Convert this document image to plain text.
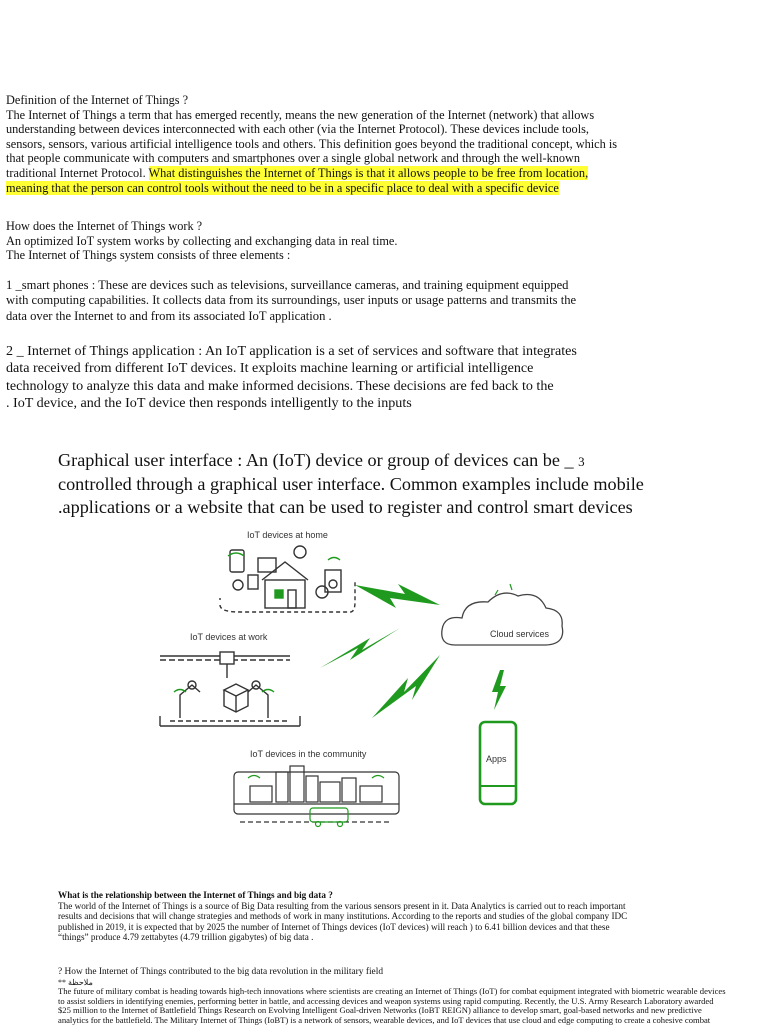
Definition of the Internet of Things ?
The Internet of Things a term that has emerged recently, means the new generation of the Internet (network) that allows
understanding between devices interconnected with each other (via the Internet Protocol). These devices include tools,
sensors, sensors, various artificial intelligence tools and others. This definition goes beyond the traditional concept, which is
that people communicate with computers and smartphones over a single global network and through the well-known
traditional Internet Protocol. What distinguishes the Internet of Things is that it allows people to be free from location,
meaning that the person can control tools without the need to be in a specific place to deal with a specific device
How does the Internet of Things work ?
An optimized IoT system works by collecting and exchanging data in real time.
The Internet of Things system consists of three elements :
1 _smart phones : These are devices such as televisions, surveillance cameras, and training equipment equipped
with computing capabilities. It collects data from its surroundings, user inputs or usage patterns and transmits the
data over the Internet to and from its associated IoT application .
2 _ Internet of Things application : An IoT application is a set of services and software that integrates
data received from different IoT devices. It exploits machine learning or artificial intelligence
technology to analyze this data and make informed decisions. These decisions are fed back to the
. IoT device, and the IoT device then responds intelligently to the inputs
Graphical user interface : An (IoT) device or group of devices can be _ 3
controlled through a graphical user interface. Common examples include mobile
.applications or a website that can be used to register and control smart devices
IoT devices at home
IoT devices at work
IoT devices in the community
Cloud services
Apps
What is the relationship between the Internet of Things and big data ?
The world of the Internet of Things is a source of Big Data resulting from the various sensors present in it. Data Analytics is carried out to reach important
results and decisions that will change strategies and methods of work in many institutions. According to the reports and studies of the global company IDC
published in 2019, it is expected that by 2025 the number of Internet of Things devices (IoT devices) will reach ) to 6.41 billion devices and that these
“things” produce 4.79 zettabytes (4.79 trillion gigabytes) of big data .
? How the Internet of Things contributed to the big data revolution in the military field
** ملاحظة
The future of military combat is heading towards high-tech innovations where scientists are creating an Internet of Things (IoT) for combat equipment integrated with biometric wearable devices
to assist soldiers in identifying enemies, performing better in battle, and accessing devices and weapon systems using rapid computing. Recently, the U.S. Army Research Laboratory awarded
$25 million to the Internet of Battlefield Things Research on Evolving Intelligent Goal-driven Networks (IoBT REIGN) alliance to develop smart, goal-based networks and new predictive
analytics for the battlefield. The Military Internet of Things (IoBT) is a network of sensors, wearable devices, and IoT devices that use cloud and edge computing to create a cohesive combat
